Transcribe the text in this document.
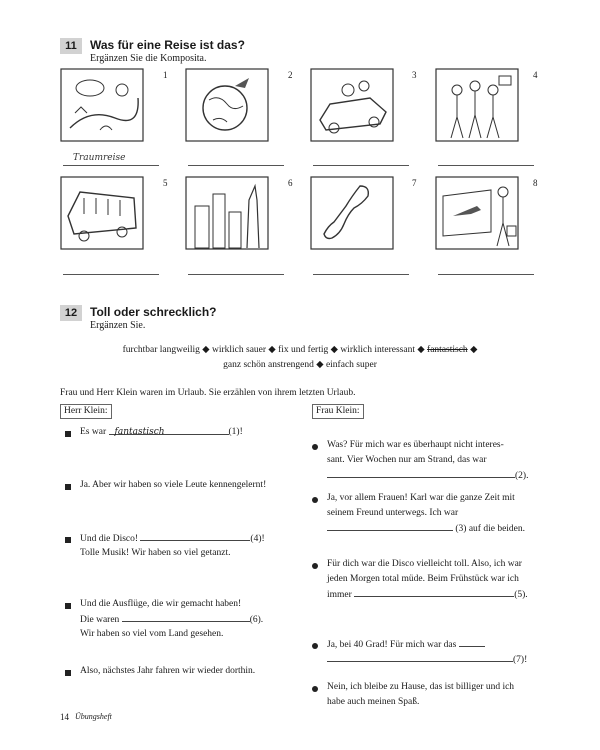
11	Was für eine Reise ist das?
Ergänzen Sie die Komposita.
1	2	3	4
Traumreise
5	6	7	8
12	Toll oder schrecklich?
Ergänzen Sie.
furchtbar langweilig ◆ wirklich sauer ◆ fix und fertig ◆ wirklich interessant ◆ fantastisch ◆
ganz schön anstrengend ◆ einfach super
Frau und Herr Klein waren im Urlaub. Sie erzählen von ihrem letzten Urlaub.
Herr Klein:	Frau Klein:
Es war fantastisch	(1)!
Ja. Aber wir haben so viele Leute kennengelernt!
Und die Disco!	(4)!
Tolle Musik! Wir haben so viel getanzt.
Und die Ausflüge, die wir gemacht haben!
Die waren	(6).
Wir haben so viel vom Land gesehen.
Also, nächstes Jahr fahren wir wieder dorthin.
Was? Für mich war es überhaupt nicht interes-
sant. Vier Wochen nur am Strand, das war
(2).
Ja, vor allem Frauen! Karl war die ganze Zeit mit
seinem Freund unterwegs. Ich war
(3) auf die beiden.
Für dich war die Disco vielleicht toll. Also, ich war
jeden Morgen total müde. Beim Frühstück war ich
immer	(5).
Ja, bei 40 Grad! Für mich war das
(7)!
Nein, ich bleibe zu Hause, das ist billiger und ich
habe auch meinen Spaß.
14 Übungsheft
